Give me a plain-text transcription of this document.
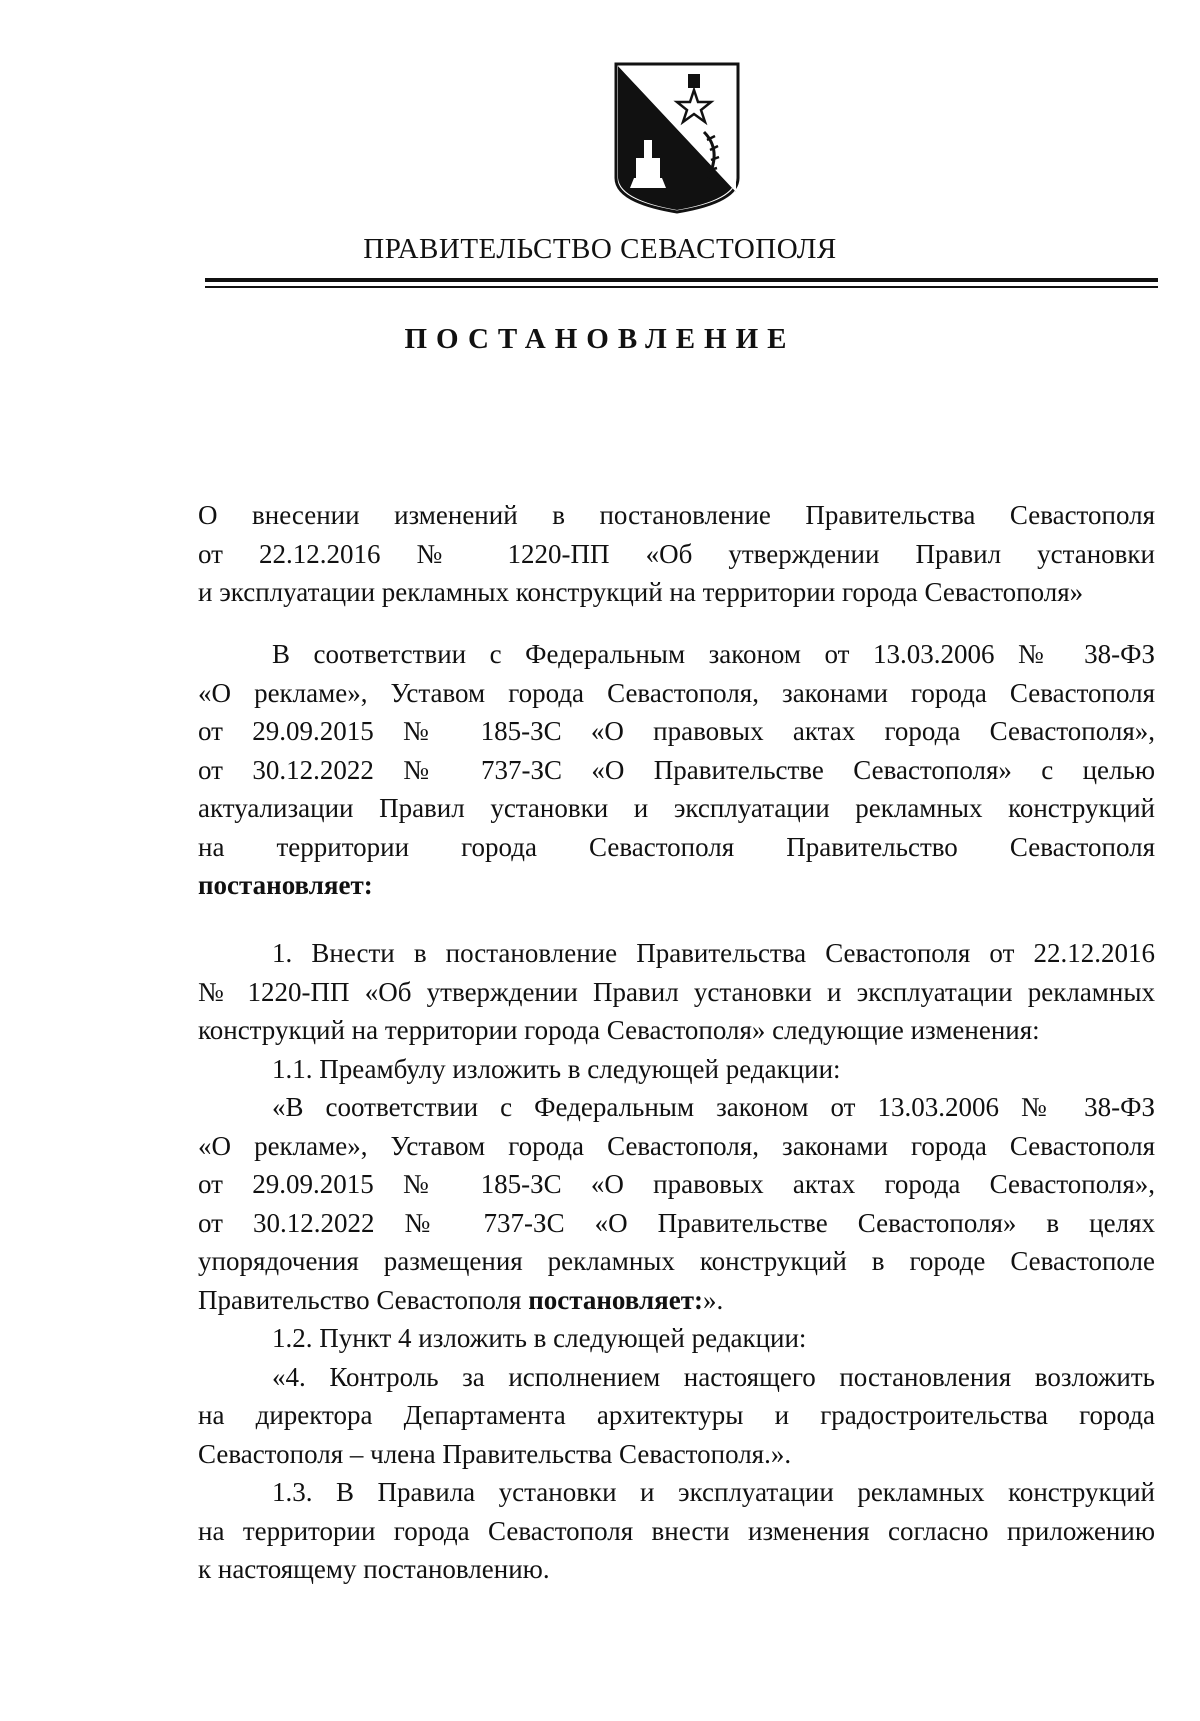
ПРАВИТЕЛЬСТВО СЕВАСТОПОЛЯ
ПОСТАНОВЛЕНИЕ
О внесении изменений в постановление Правительства Севастополя
от 22.12.2016 № 1220-ПП «Об утверждении Правил установки
и эксплуатации рекламных конструкций на территории города Севастополя»
В соответствии с Федеральным законом от 13.03.2006 № 38-ФЗ
«О рекламе», Уставом города Севастополя, законами города Севастополя
от 29.09.2015 № 185-ЗС «О правовых актах города Севастополя»,
от 30.12.2022 № 737-ЗС «О Правительстве Севастополя» с целью
актуализации Правил установки и эксплуатации рекламных конструкций
на территории города Севастополя Правительство Севастополя
постановляет:
1. Внести в постановление Правительства Севастополя от 22.12.2016
№ 1220-ПП «Об утверждении Правил установки и эксплуатации рекламных
конструкций на территории города Севастополя» следующие изменения:
1.1. Преамбулу изложить в следующей редакции:
«В соответствии с Федеральным законом от 13.03.2006 № 38-ФЗ
«О рекламе», Уставом города Севастополя, законами города Севастополя
от 29.09.2015 № 185-ЗС «О правовых актах города Севастополя»,
от 30.12.2022 № 737-ЗС «О Правительстве Севастополя» в целях
упорядочения размещения рекламных конструкций в городе Севастополе
Правительство Севастополя постановляет:».
1.2. Пункт 4 изложить в следующей редакции:
«4. Контроль за исполнением настоящего постановления возложить
на директора Департамента архитектуры и градостроительства города
Севастополя – члена Правительства Севастополя.».
1.3. В Правила установки и эксплуатации рекламных конструкций
на территории города Севастополя внести изменения согласно приложению
к настоящему постановлению.
